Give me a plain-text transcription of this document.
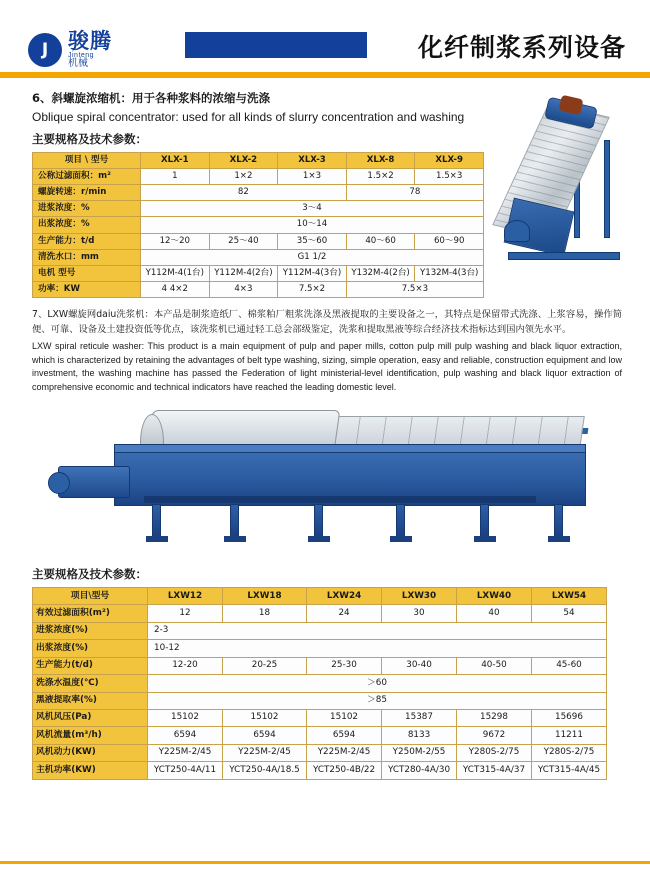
J 骏腾
Jinteng
机械
化纤制浆系列设备
6、斜螺旋浓缩机：用于各种浆料的浓缩与洗涤
Oblique spiral concentrator: used for all kinds of slurry concentration and washing
主要规格及技术参数：
项目 \ 型号	XLX-1	XLX-2	XLX-3	XLX-8	XLX-9
公称过滤面积：m²	1	1×2	1×3	1.5×2	1.5×3
螺旋转速：r/min	82			78	
进浆浓度：%	3～4				
出浆浓度：%	10～14				
生产能力：t/d	12～20	25～40	35～60	40～60	60～90
清洗水口：mm	G1 1/2				
电机 型号	Y112M-4(1台)	Y112M-4(2台)	Y112M-4(3台)	Y132M-4(2台)	Y132M-4(3台)
功率：KW	4 4×2	4×3	7.5×2	7.5×3	
7、LXW螺旋网daiu洗浆机：本产品是制浆造纸厂、棉浆粕厂粗浆洗涤及黑液提取的主要设备之一，其特点是保留带式洗涤、上浆容易，操作简便、可靠、设备及土建投资低等优点，该洗浆机已通过轻工总会部级鉴定，洗浆和提取黑液等综合经济技术指标达到国内领先水平。
LXW spiral reticule washer: This product is a main equipment of pulp and paper mills, cotton pulp mill pulp washing and black liquor extraction, which is characterized by retaining the advantages of belt type washing, sizing, simple operation, easy and reliable, construction equipment and low investment, the washing machine has passed the Federation of light ministerial-level identification, pulp washing and black liquor extraction of comprehensive economic and technical indicators have reached the leading domestic level.
主要规格及技术参数：
项目\型号	LXW12	LXW18	LXW24	LXW30	LXW40	LXW54
有效过滤面积(m²)	12	18	24	30	40	54
进浆浓度(%)	2-3					
出浆浓度(%)	10-12					
生产能力(t/d)	12-20	20-25	25-30	30-40	40-50	45-60
洗涤水温度(℃)	＞60					
黑液提取率(%)	＞85					
风机风压(Pa)	15102	15102	15102	15387	15298	15696
风机流量(m³/h)	6594	6594	6594	8133	9672	11211
风机动力(KW)	Y225M-2/45	Y225M-2/45	Y225M-2/45	Y250M-2/55	Y280S-2/75	Y280S-2/75
主机功率(KW)	YCT250-4A/11	YCT250-4A/18.5	YCT250-4B/22	YCT280-4A/30	YCT315-4A/37	YCT315-4A/45
